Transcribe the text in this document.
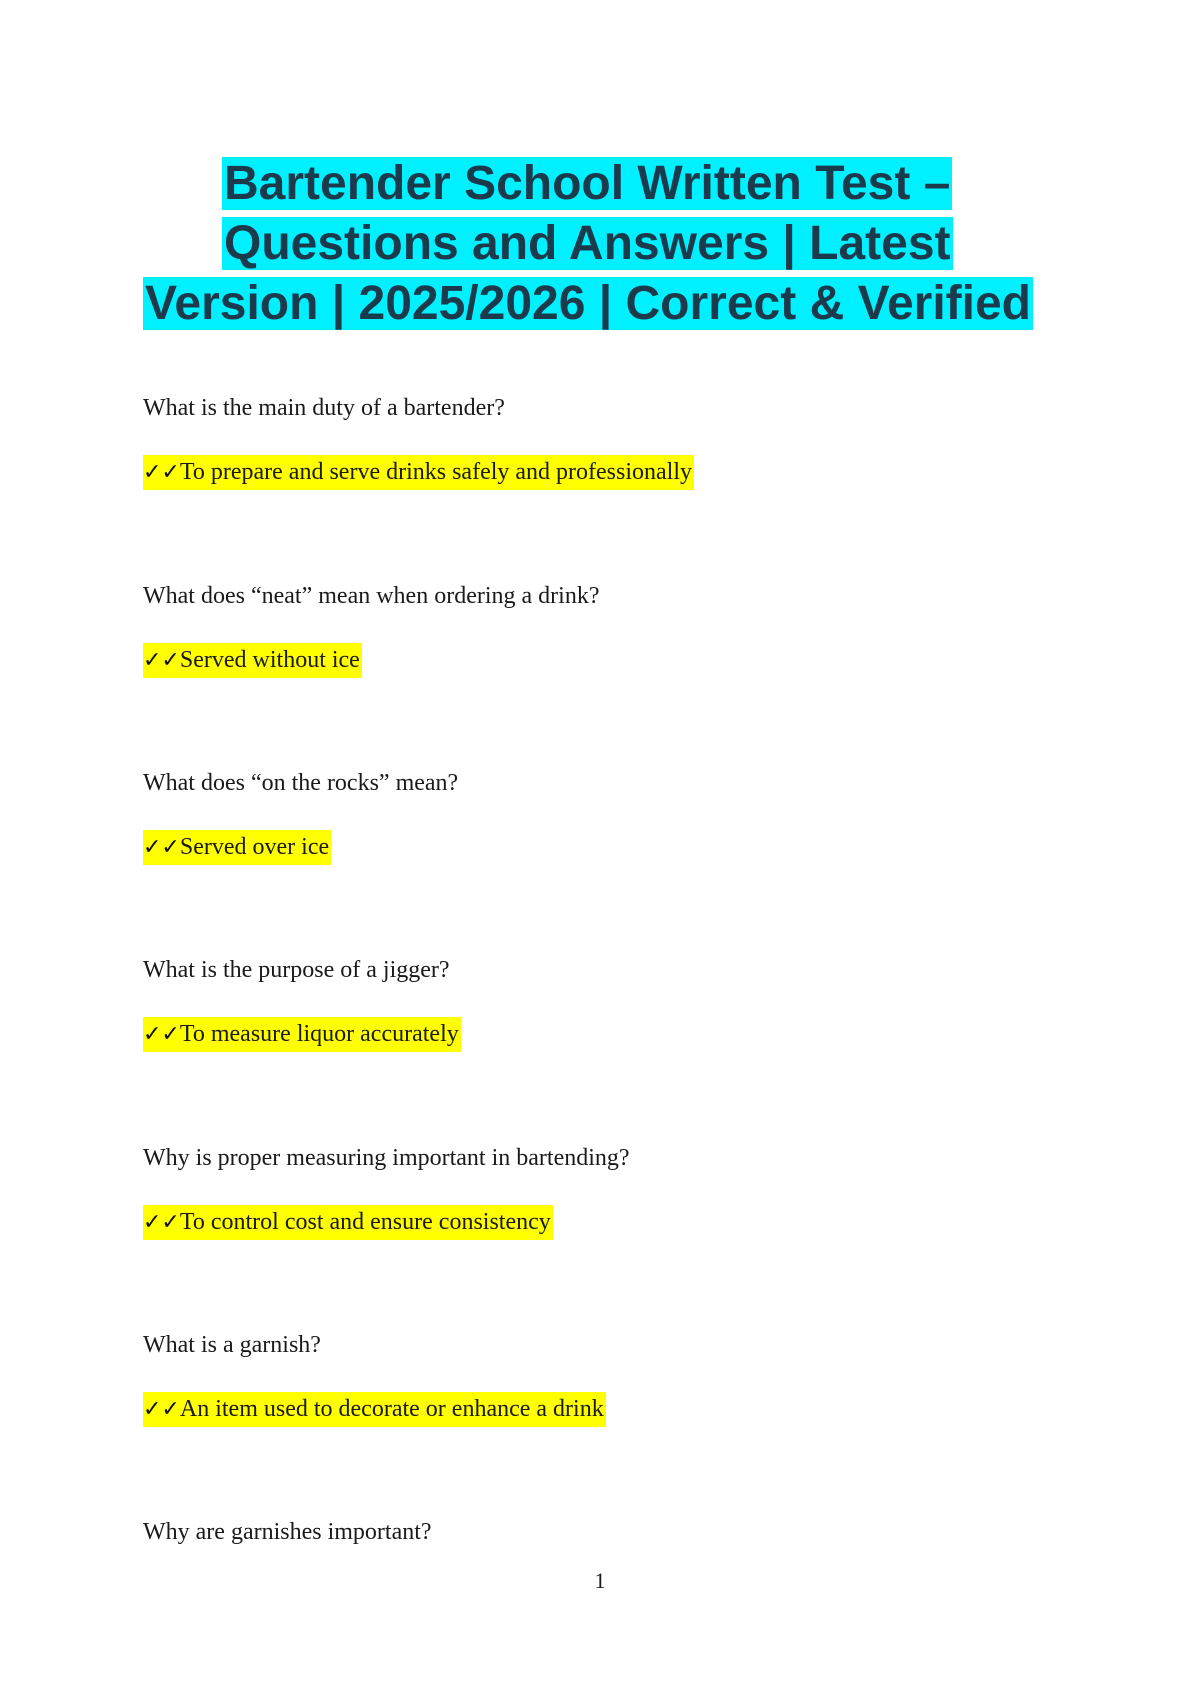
Bartender School Written Test –
Questions and Answers | Latest
Version | 2025/2026 | Correct & Verified
What is the main duty of a bartender?
✓✓To prepare and serve drinks safely and professionally
What does “neat” mean when ordering a drink?
✓✓Served without ice
What does “on the rocks” mean?
✓✓Served over ice
What is the purpose of a jigger?
✓✓To measure liquor accurately
Why is proper measuring important in bartending?
✓✓To control cost and ensure consistency
What is a garnish?
✓✓An item used to decorate or enhance a drink
Why are garnishes important?
1
